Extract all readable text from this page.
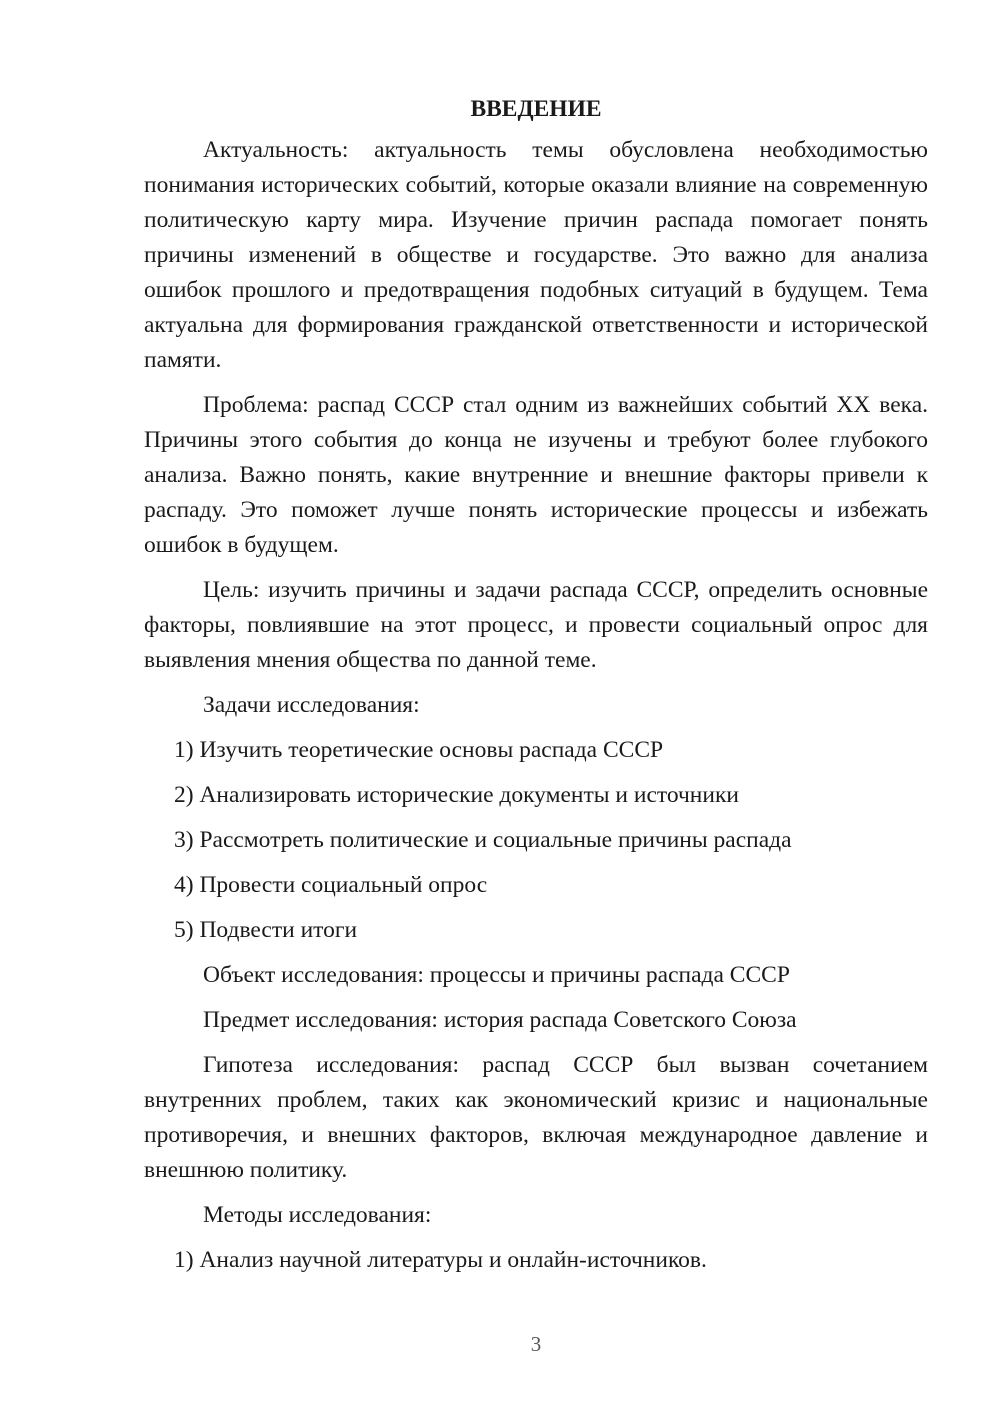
ВВЕДЕНИЕ

Актуальность: актуальность темы обусловлена необходимостью понимания исторических событий, которые оказали влияние на современную политическую карту мира. Изучение причин распада помогает понять причины изменений в обществе и государстве. Это важно для анализа ошибок прошлого и предотвращения подобных ситуаций в будущем. Тема актуальна для формирования гражданской ответственности и исторической памяти.

Проблема: распад СССР стал одним из важнейших событий XX века. Причины этого события до конца не изучены и требуют более глубокого анализа. Важно понять, какие внутренние и внешние факторы привели к распаду. Это поможет лучше понять исторические процессы и избежать ошибок в будущем.

Цель: изучить причины и задачи распада СССР, определить основные факторы, повлиявшие на этот процесс, и провести социальный опрос для выявления мнения общества по данной теме.

Задачи исследования:

1) Изучить теоретические основы распада СССР

2) Анализировать исторические документы и источники

3) Рассмотреть политические и социальные причины распада

4) Провести социальный опрос

5) Подвести итоги

Объект исследования: процессы и причины распада СССР

Предмет исследования: история распада Советского Союза

Гипотеза исследования: распад СССР был вызван сочетанием внутренних проблем, таких как экономический кризис и национальные противоречия, и внешних факторов, включая международное давление и внешнюю политику.

Методы исследования:

1) Анализ научной литературы и онлайн-источников.

3
